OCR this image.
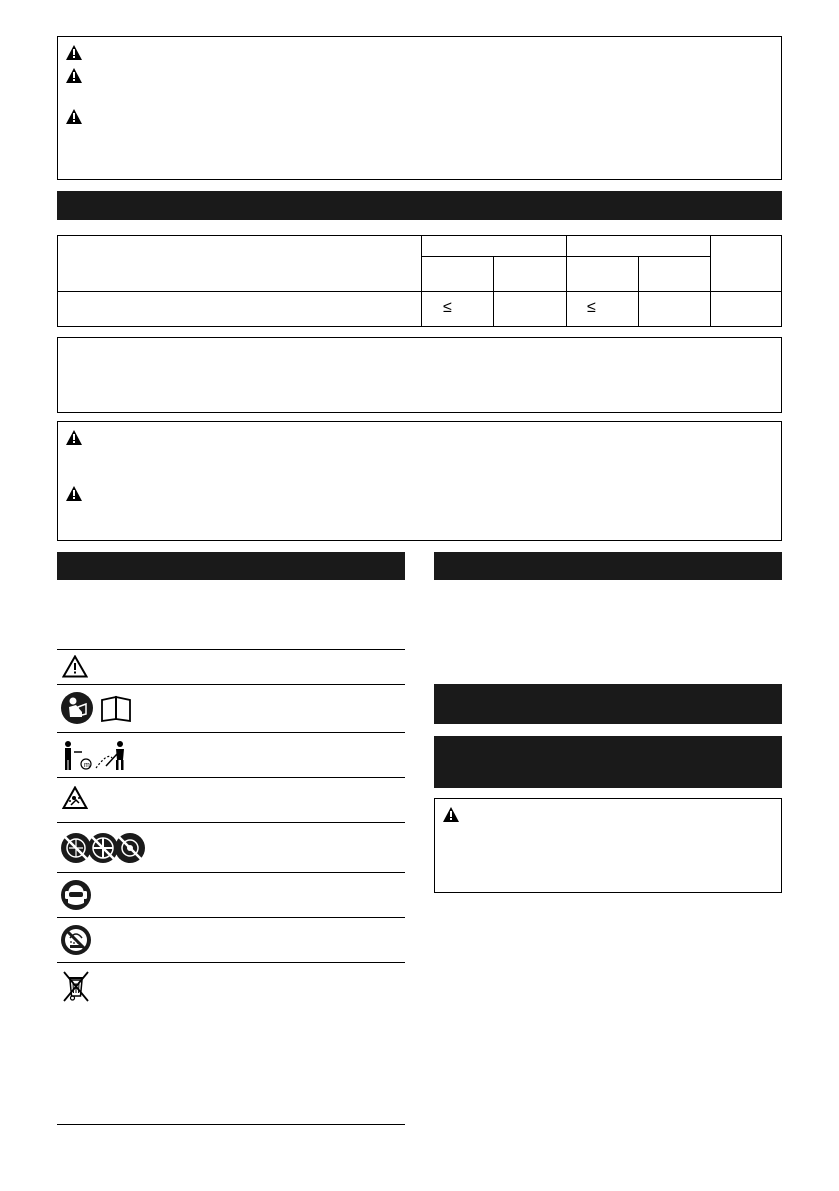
≤	≤
m
